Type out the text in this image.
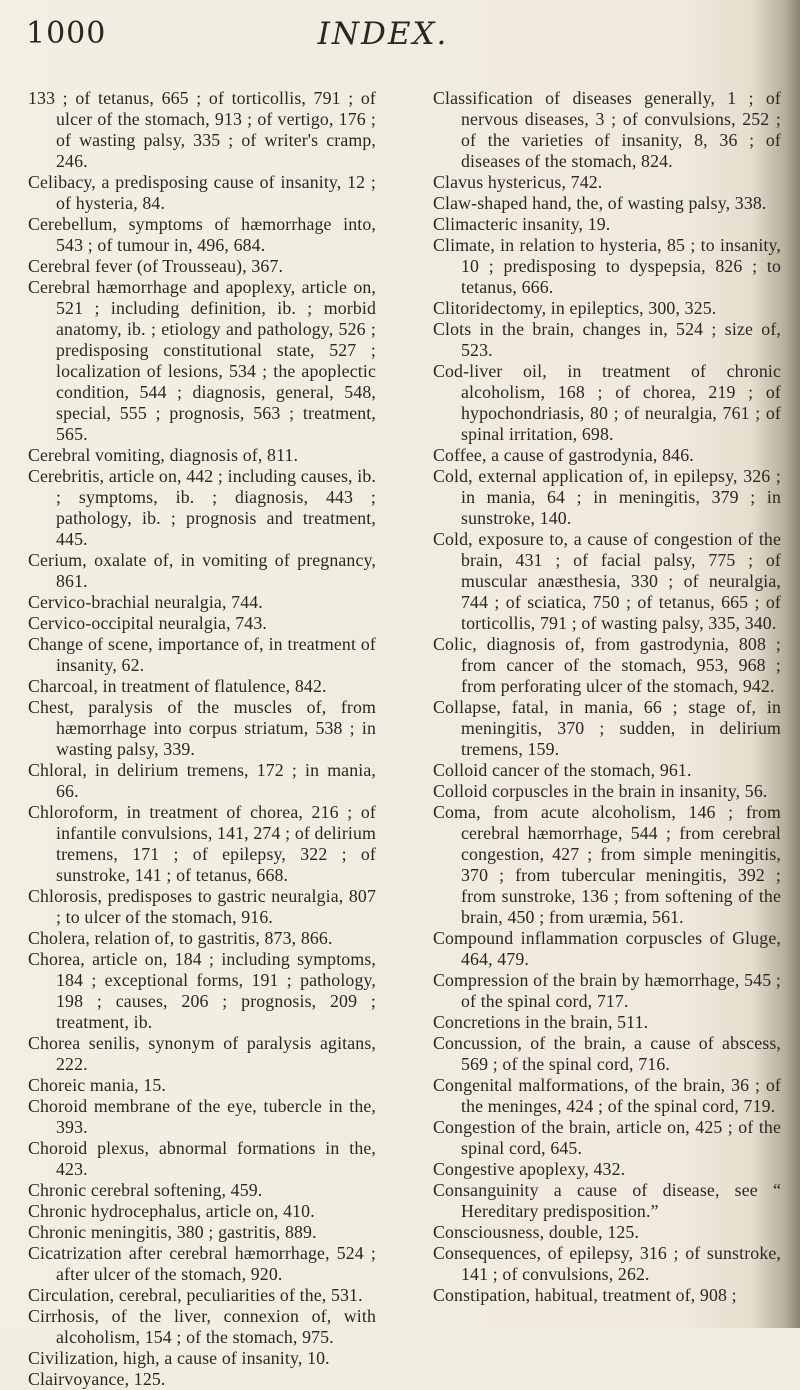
1000	INDEX.

133 ; of tetanus, 665 ; of torticollis, 791 ; of ulcer of the stomach, 913 ; of vertigo, 176 ; of wasting palsy, 335 ; of writer's cramp, 246.

Celibacy, a predisposing cause of insanity, 12 ; of hysteria, 84.

Cerebellum, symptoms of hæmorrhage into, 543 ; of tumour in, 496, 684.

Cerebral fever (of Trousseau), 367.

Cerebral hæmorrhage and apoplexy, article on, 521 ; including definition, ib. ; morbid anatomy, ib. ; etiology and pathology, 526 ; predisposing constitutional state, 527 ; localization of lesions, 534 ; the apoplectic condition, 544 ; diagnosis, general, 548, special, 555 ; prognosis, 563 ; treatment, 565.

Cerebral vomiting, diagnosis of, 811.

Cerebritis, article on, 442 ; including causes, ib. ; symptoms, ib. ; diagnosis, 443 ; pathology, ib. ; prognosis and treatment, 445.

Cerium, oxalate of, in vomiting of pregnancy, 861.

Cervico-brachial neuralgia, 744.

Cervico-occipital neuralgia, 743.

Change of scene, importance of, in treatment of insanity, 62.

Charcoal, in treatment of flatulence, 842.

Chest, paralysis of the muscles of, from hæmorrhage into corpus striatum, 538 ; in wasting palsy, 339.

Chloral, in delirium tremens, 172 ; in mania, 66.

Chloroform, in treatment of chorea, 216 ; of infantile convulsions, 141, 274 ; of delirium tremens, 171 ; of epilepsy, 322 ; of sunstroke, 141 ; of tetanus, 668.

Chlorosis, predisposes to gastric neuralgia, 807 ; to ulcer of the stomach, 916.

Cholera, relation of, to gastritis, 873, 866.

Chorea, article on, 184 ; including symptoms, 184 ; exceptional forms, 191 ; pathology, 198 ; causes, 206 ; prognosis, 209 ; treatment, ib.

Chorea senilis, synonym of paralysis agitans, 222.

Choreic mania, 15.

Choroid membrane of the eye, tubercle in the, 393.

Choroid plexus, abnormal formations in the, 423.

Chronic cerebral softening, 459.

Chronic hydrocephalus, article on, 410.

Chronic meningitis, 380 ; gastritis, 889.

Cicatrization after cerebral hæmorrhage, 524 ; after ulcer of the stomach, 920.

Circulation, cerebral, peculiarities of the, 531.

Cirrhosis, of the liver, connexion of, with alcoholism, 154 ; of the stomach, 975.

Civilization, high, a cause of insanity, 10.

Clairvoyance, 125.

Classification of diseases generally, 1 ; of nervous diseases, 3 ; of convulsions, 252 ; of the varieties of insanity, 8, 36 ; of diseases of the stomach, 824.

Clavus hystericus, 742.

Claw-shaped hand, the, of wasting palsy, 338.

Climacteric insanity, 19.

Climate, in relation to hysteria, 85 ; to insanity, 10 ; predisposing to dyspepsia, 826 ; to tetanus, 666.

Clitoridectomy, in epileptics, 300, 325.

Clots in the brain, changes in, 524 ; size of, 523.

Cod-liver oil, in treatment of chronic alcoholism, 168 ; of chorea, 219 ; of hypochondriasis, 80 ; of neuralgia, 761 ; of spinal irritation, 698.

Coffee, a cause of gastrodynia, 846.

Cold, external application of, in epilepsy, 326 ; in mania, 64 ; in meningitis, 379 ; in sunstroke, 140.

Cold, exposure to, a cause of congestion of the brain, 431 ; of facial palsy, 775 ; of muscular anæsthesia, 330 ; of neuralgia, 744 ; of sciatica, 750 ; of tetanus, 665 ; of torticollis, 791 ; of wasting palsy, 335, 340.

Colic, diagnosis of, from gastrodynia, 808 ; from cancer of the stomach, 953, 968 ; from perforating ulcer of the stomach, 942.

Collapse, fatal, in mania, 66 ; stage of, in meningitis, 370 ; sudden, in delirium tremens, 159.

Colloid cancer of the stomach, 961.

Colloid corpuscles in the brain in insanity, 56.

Coma, from acute alcoholism, 146 ; from cerebral hæmorrhage, 544 ; from cerebral congestion, 427 ; from simple meningitis, 370 ; from tubercular meningitis, 392 ; from sunstroke, 136 ; from softening of the brain, 450 ; from uræmia, 561.

Compound inflammation corpuscles of Gluge, 464, 479.

Compression of the brain by hæmorrhage, 545 ; of the spinal cord, 717.

Concretions in the brain, 511.

Concussion, of the brain, a cause of abscess, 569 ; of the spinal cord, 716.

Congenital malformations, of the brain, 36 ; of the meninges, 424 ; of the spinal cord, 719.

Congestion of the brain, article on, 425 ; of the spinal cord, 645.

Congestive apoplexy, 432.

Consanguinity a cause of disease, see “ Hereditary predisposition.”

Consciousness, double, 125.

Consequences, of epilepsy, 316 ; of sunstroke, 141 ; of convulsions, 262.

Constipation, habitual, treatment of, 908 ;
